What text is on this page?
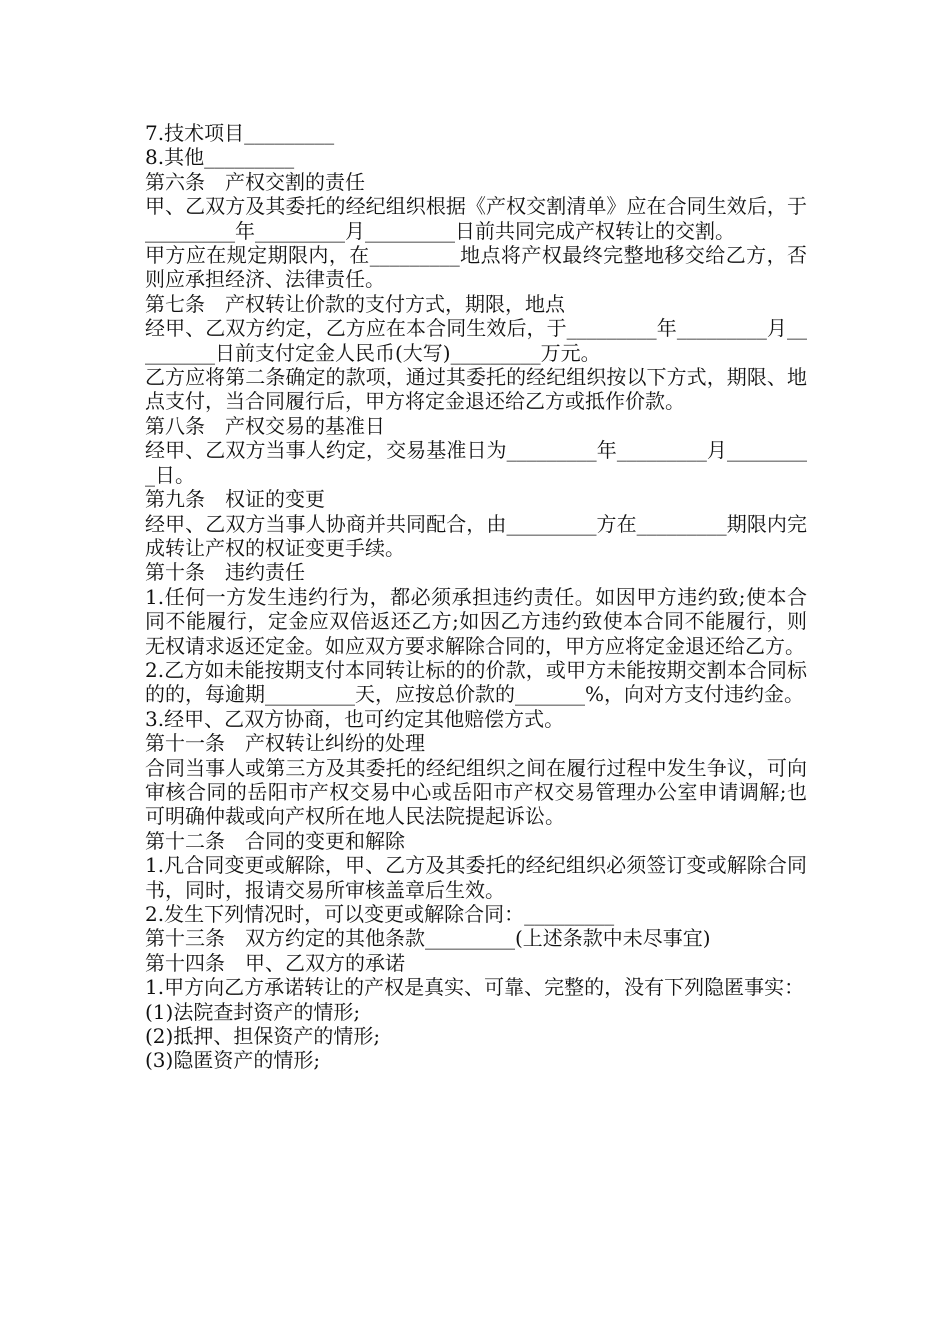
7.技术项目_________

8.其他_________

第六条　产权交割的责任

甲、乙双方及其委托的经纪组织根据《产权交割清单》应在合同生效后，于_________年_________月_________日前共同完成产权转让的交割。

甲方应在规定期限内，在_________地点将产权最终完整地移交给乙方，否则应承担经济、法律责任。

第七条　产权转让价款的支付方式，期限，地点

经甲、乙双方约定，乙方应在本合同生效后，于_________年_________月_________日前支付定金人民币(大写)_________万元。

乙方应将第二条确定的款项，通过其委托的经纪组织按以下方式，期限、地点支付，当合同履行后，甲方将定金退还给乙方或抵作价款。

第八条　产权交易的基准日

经甲、乙双方当事人约定，交易基准日为_________年_________月_________日。

第九条　权证的变更

经甲、乙双方当事人协商并共同配合，由_________方在_________期限内完成转让产权的权证变更手续。

第十条　违约责任

1.任何一方发生违约行为，都必须承担违约责任。如因甲方违约致;使本合同不能履行，定金应双倍返还乙方;如因乙方违约致使本合同不能履行，则无权请求返还定金。如应双方要求解除合同的，甲方应将定金退还给乙方。

2.乙方如未能按期支付本同转让标的的价款，或甲方未能按期交割本合同标的的，每逾期_________天，应按总价款的_______%，向对方支付违约金。

3.经甲、乙双方协商，也可约定其他赔偿方式。

第十一条　产权转让纠纷的处理

合同当事人或第三方及其委托的经纪组织之间在履行过程中发生争议，可向审核合同的岳阳市产权交易中心或岳阳市产权交易管理办公室申请调解;也可明确仲裁或向产权所在地人民法院提起诉讼。

第十二条　合同的变更和解除

1.凡合同变更或解除，甲、乙方及其委托的经纪组织必须签订变或解除合同书，同时，报请交易所审核盖章后生效。

2.发生下列情况时，可以变更或解除合同：_________

第十三条　双方约定的其他条款_________(上述条款中未尽事宜)

第十四条　甲、乙双方的承诺

1.甲方向乙方承诺转让的产权是真实、可靠、完整的，没有下列隐匿事实：

(1)法院查封资产的情形;

(2)抵押、担保资产的情形;

(3)隐匿资产的情形;
